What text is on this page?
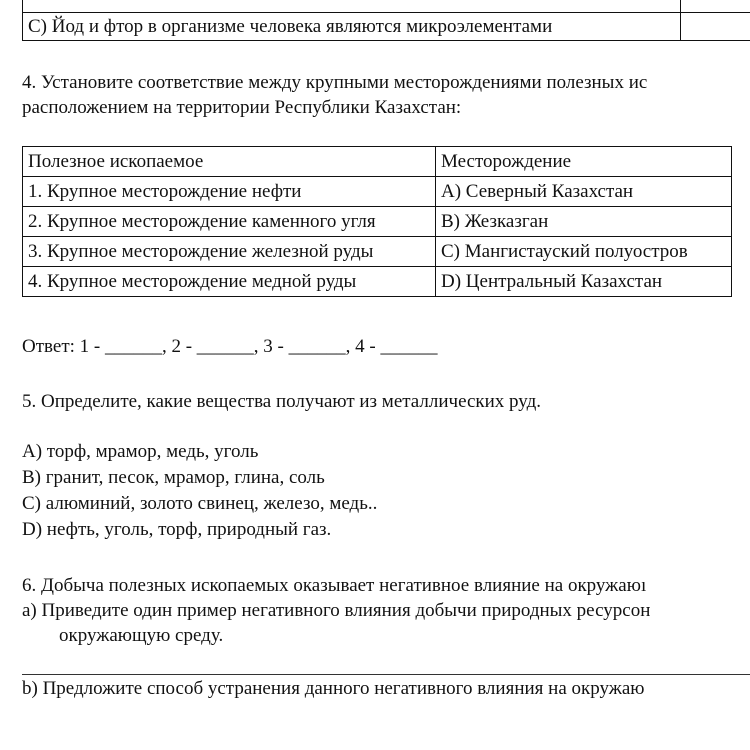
С) Йод и фтор в организме человека являются микроэлементами	
4. Установите соответствие между крупными месторождениями полезных ис
расположением на территории Республики Казахстан:
Полезное ископаемое	Месторождение
1. Крупное месторождение нефти	A) Северный Казахстан
2. Крупное месторождение каменного угля	B) Жезказган
3. Крупное месторождение железной руды	C) Мангистауский полуостров
4. Крупное месторождение медной руды	D) Центральный Казахстан
Ответ: 1 - ______, 2 - ______, 3 - ______, 4 - ______
5. Определите, какие вещества получают из металлических руд.
A) торф, мрамор, медь, уголь
B) гранит, песок, мрамор, глина, соль
C) алюминий, золото свинец, железо, медь..
D) нефть, уголь, торф, природный газ.
6. Добыча полезных ископаемых оказывает негативное влияние на окружаюı
а) Приведите один пример негативного влияния добычи природных ресурсон
окружающую среду.
b) Предложите способ устранения данного негативного влияния на окружаю
